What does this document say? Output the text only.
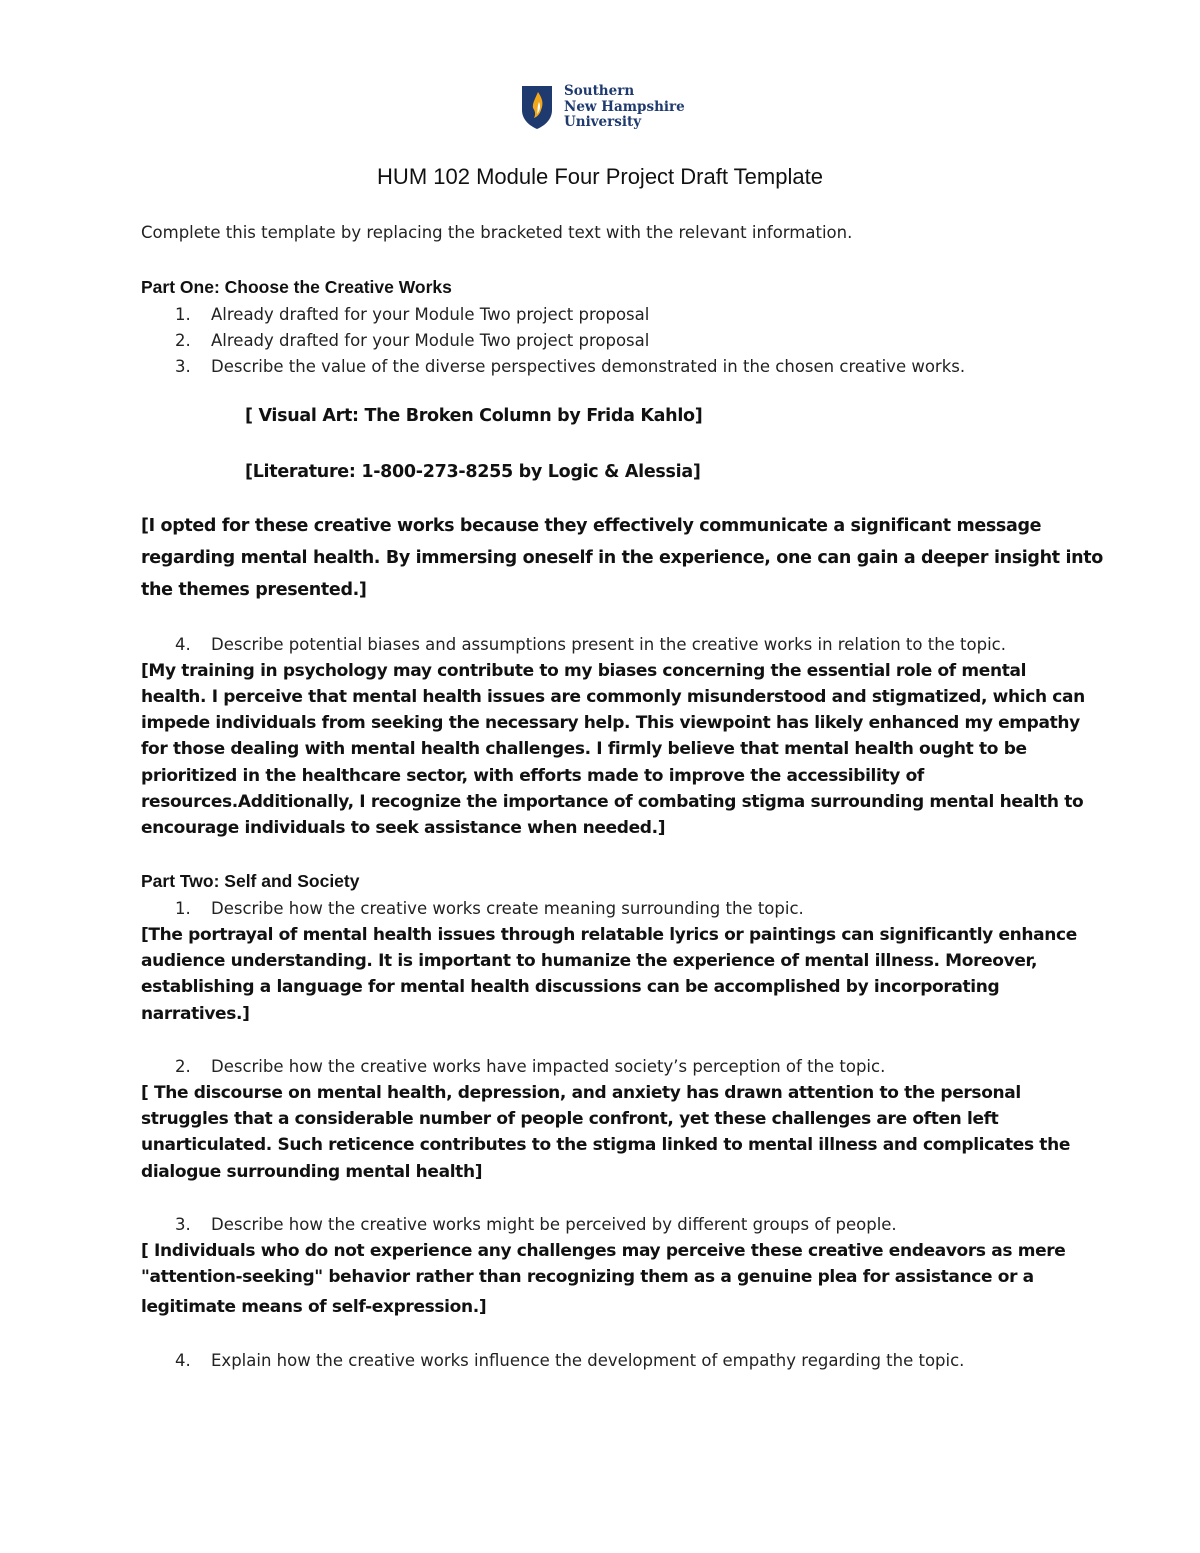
Southern
New Hampshire
University
HUM 102 Module Four Project Draft Template
Complete this template by replacing the bracketed text with the relevant information.
Part One: Choose the Creative Works
1. Already drafted for your Module Two project proposal
2. Already drafted for your Module Two project proposal
3. Describe the value of the diverse perspectives demonstrated in the chosen creative works.
[ Visual Art: The Broken Column by Frida Kahlo]
[Literature: 1-800-273-8255 by Logic & Alessia]
[I opted for these creative works because they effectively communicate a significant message
regarding mental health. By immersing oneself in the experience, one can gain a deeper insight into
the themes presented.]
4. Describe potential biases and assumptions present in the creative works in relation to the topic.
[My training in psychology may contribute to my biases concerning the essential role of mental
health. I perceive that mental health issues are commonly misunderstood and stigmatized, which can
impede individuals from seeking the necessary help. This viewpoint has likely enhanced my empathy
for those dealing with mental health challenges. I firmly believe that mental health ought to be
prioritized in the healthcare sector, with efforts made to improve the accessibility of
resources.Additionally, I recognize the importance of combating stigma surrounding mental health to
encourage individuals to seek assistance when needed.]
Part Two: Self and Society
1. Describe how the creative works create meaning surrounding the topic.
[The portrayal of mental health issues through relatable lyrics or paintings can significantly enhance
audience understanding. It is important to humanize the experience of mental illness. Moreover,
establishing a language for mental health discussions can be accomplished by incorporating
narratives.]
2. Describe how the creative works have impacted society’s perception of the topic.
[ The discourse on mental health, depression, and anxiety has drawn attention to the personal
struggles that a considerable number of people confront, yet these challenges are often left
unarticulated. Such reticence contributes to the stigma linked to mental illness and complicates the
dialogue surrounding mental health]
3. Describe how the creative works might be perceived by different groups of people.
[ Individuals who do not experience any challenges may perceive these creative endeavors as mere
"attention-seeking" behavior rather than recognizing them as a genuine plea for assistance or a
legitimate means of self-expression.]
4. Explain how the creative works influence the development of empathy regarding the topic.
